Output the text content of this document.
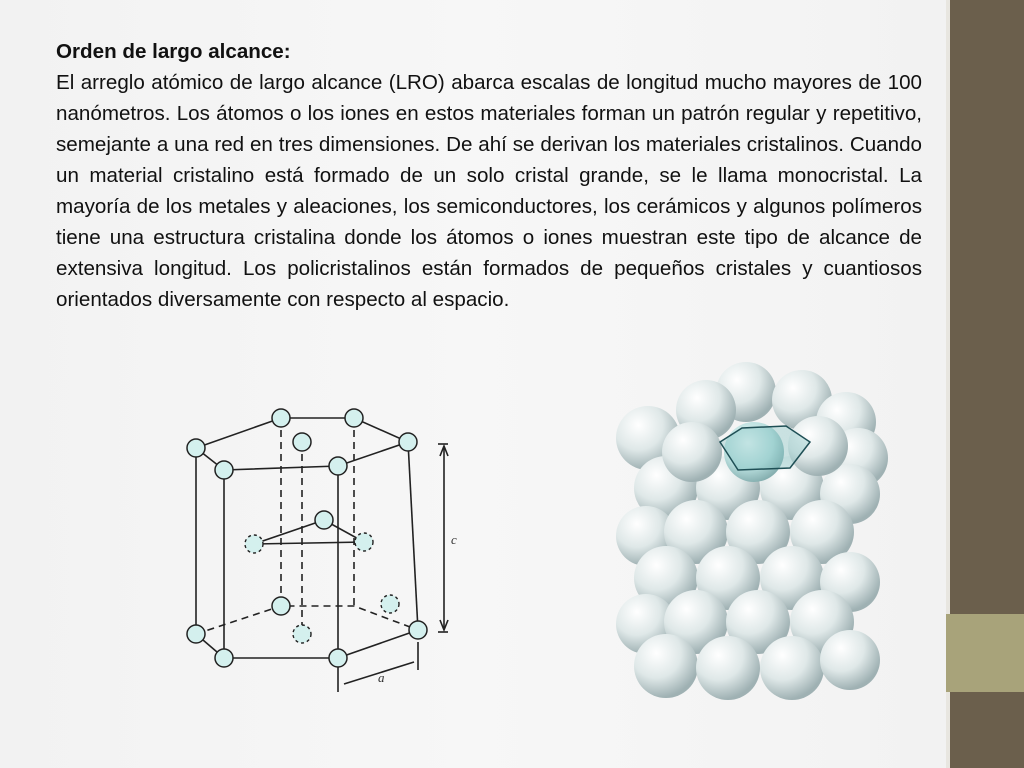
Orden de largo alcance:

El arreglo atómico de largo alcance (LRO) abarca escalas de longitud mucho mayores de 100 nanómetros. Los átomos o los iones en estos materiales forman un patrón regular y repetitivo, semejante a una red en tres dimensiones. De ahí se derivan los materiales cristalinos. Cuando un material cristalino está formado de un solo cristal grande, se le llama monocristal. La mayoría de los metales y aleaciones, los semiconductores, los cerámicos y algunos polímeros tiene una estructura cristalina donde los átomos o iones muestran este tipo de alcance de extensiva longitud. Los policristalinos están formados de pequeños cristales y cuantiosos orientados diversamente con respecto al espacio.

c
a
